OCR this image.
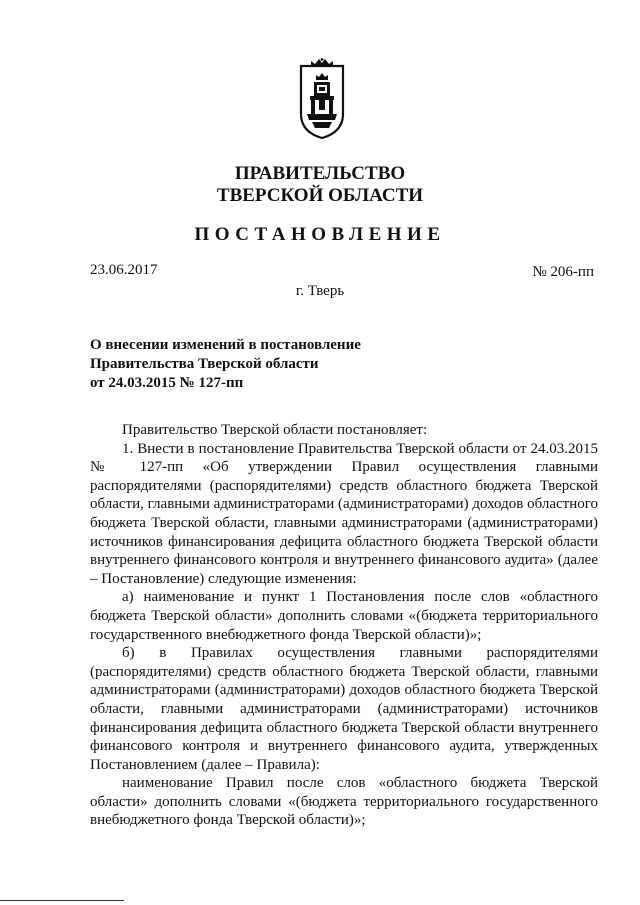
ПРАВИТЕЛЬСТВО
ТВЕРСКОЙ ОБЛАСТИ
ПОСТАНОВЛЕНИЕ
23.06.2017	№ 206-пп
г. Тверь
О внесении изменений в постановление
Правительства Тверской области
от 24.03.2015 № 127-пп

Правительство Тверской области постановляет:

1. Внести в постановление Правительства Тверской области от 24.03.2015 № 127-пп «Об утверждении Правил осуществления главными распорядителями (распорядителями) средств областного бюджета Тверской области, главными администраторами (администраторами) доходов областного бюджета Тверской области, главными администраторами (администраторами) источников финансирования дефицита областного бюджета Тверской области внутреннего финансового контроля и внутреннего финансового аудита» (далее – Постановление) следующие изменения:

а) наименование и пункт 1 Постановления после слов «областного бюджета Тверской области» дополнить словами «(бюджета территориального государственного внебюджетного фонда Тверской области)»;

б) в Правилах осуществления главными распорядителями (распорядителями) средств областного бюджета Тверской области, главными администраторами (администраторами) доходов областного бюджета Тверской области, главными администраторами (администраторами) источников финансирования дефицита областного бюджета Тверской области внутреннего финансового контроля и внутреннего финансового аудита, утвержденных Постановлением (далее – Правила):

наименование Правил после слов «областного бюджета Тверской области» дополнить словами «(бюджета территориального государственного внебюджетного фонда Тверской области)»;
